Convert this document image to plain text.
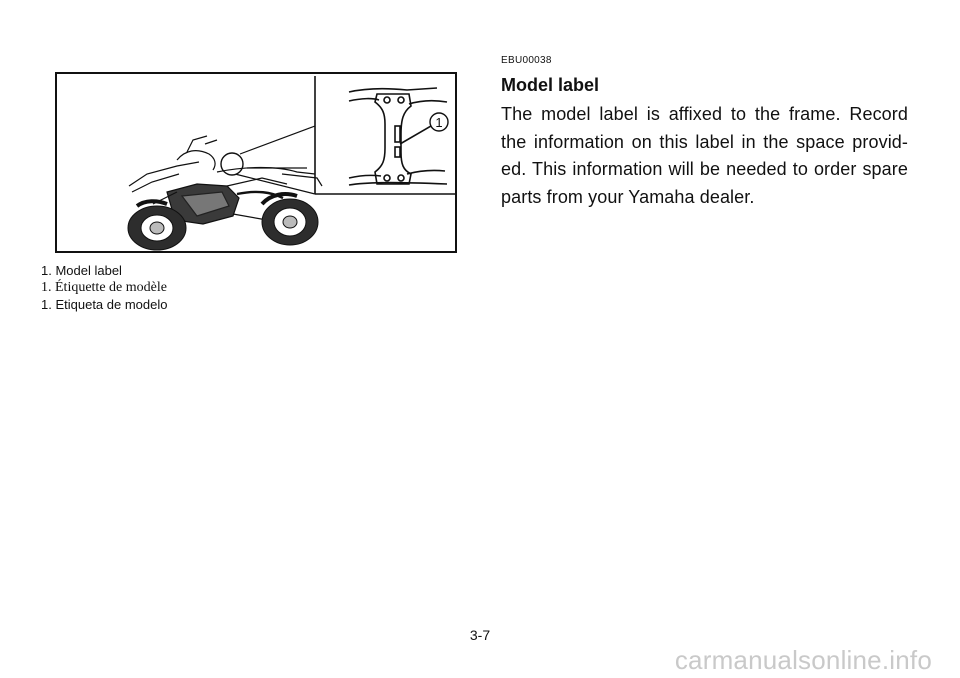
1

1. Model label

1. Étiquette de modèle

1. Etiqueta de modelo

EBU00038
Model label

The model label is affixed to the frame. Record the information on this label in the space provid-ed. This information will be needed to order spare parts from your Yamaha dealer.

3-7
carmanualsonline.info
